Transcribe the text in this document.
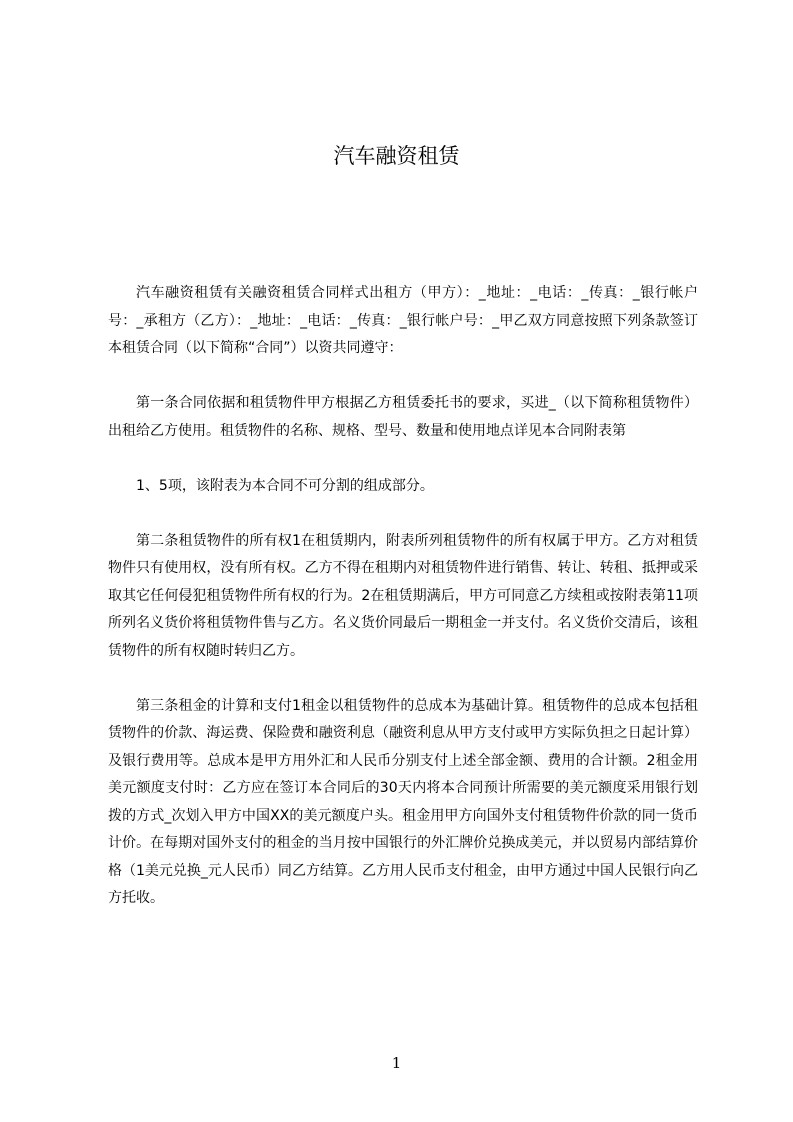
汽车融资租赁

汽车融资租赁有关融资租赁合同样式出租方（甲方）：_地址：_电话：_传真：_银行帐户号：_承租方（乙方）：_地址：_电话：_传真：_银行帐户号：_甲乙双方同意按照下列条款签订本租赁合同（以下简称“合同”）以资共同遵守：

第一条合同依据和租赁物件甲方根据乙方租赁委托书的要求，买进_（以下简称租赁物件）出租给乙方使用。租赁物件的名称、规格、型号、数量和使用地点详见本合同附表第

1、5项，该附表为本合同不可分割的组成部分。

第二条租赁物件的所有权1在租赁期内，附表所列租赁物件的所有权属于甲方。乙方对租赁物件只有使用权，没有所有权。乙方不得在租期内对租赁物件进行销售、转让、转租、抵押或采取其它任何侵犯租赁物件所有权的行为。2在租赁期满后，甲方可同意乙方续租或按附表第11项所列名义货价将租赁物件售与乙方。名义货价同最后一期租金一并支付。名义货价交清后，该租赁物件的所有权随时转归乙方。

第三条租金的计算和支付1租金以租赁物件的总成本为基础计算。租赁物件的总成本包括租赁物件的价款、海运费、保险费和融资利息（融资利息从甲方支付或甲方实际负担之日起计算）及银行费用等。总成本是甲方用外汇和人民币分别支付上述全部金额、费用的合计额。2租金用美元额度支付时：乙方应在签订本合同后的30天内将本合同预计所需要的美元额度采用银行划拨的方式_次划入甲方中国XX的美元额度户头。租金用甲方向国外支付租赁物件价款的同一货币计价。在每期对国外支付的租金的当月按中国银行的外汇牌价兑换成美元，并以贸易内部结算价格（1美元兑换_元人民币）同乙方结算。乙方用人民币支付租金，由甲方通过中国人民银行向乙方托收。

1
